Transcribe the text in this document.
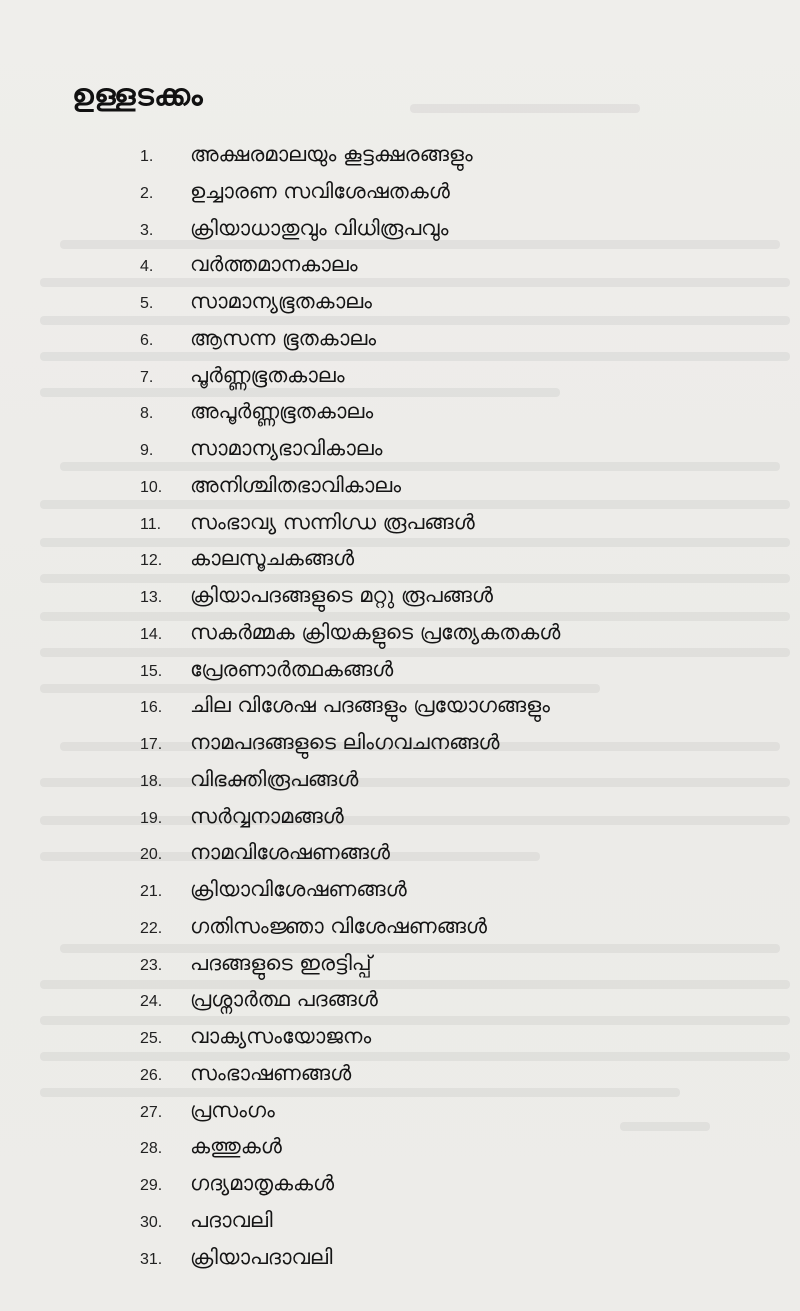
ഉള്ളടക്കം
1.	അക്ഷരമാലയും കൂട്ടക്ഷരങ്ങളും
2.	ഉച്ചാരണ സവിശേഷതകൾ
3.	ക്രിയാധാതുവും വിധിരൂപവും
4.	വർത്തമാനകാലം
5.	സാമാന്യഭൂതകാലം
6.	ആസന്ന ഭൂതകാലം
7.	പൂർണ്ണഭൂതകാലം
8.	അപൂർണ്ണഭൂതകാലം
9.	സാമാന്യഭാവികാലം
10.	അനിശ്ചിതഭാവികാലം
11.	സംഭാവ്യ സന്നിഗ്ധ രൂപങ്ങൾ
12.	കാലസൂചകങ്ങൾ
13.	ക്രിയാപദങ്ങളുടെ മറ്റു രൂപങ്ങൾ
14.	സകർമ്മക ക്രിയകളുടെ പ്രത്യേകതകൾ
15.	പ്രേരണാർത്ഥകങ്ങൾ
16.	ചില വിശേഷ പദങ്ങളും പ്രയോഗങ്ങളും
17.	നാമപദങ്ങളുടെ ലിംഗവചനങ്ങൾ
18.	വിഭക്തിരൂപങ്ങൾ
19.	സർവ്വനാമങ്ങൾ
20.	നാമവിശേഷണങ്ങൾ
21.	ക്രിയാവിശേഷണങ്ങൾ
22.	ഗതിസംജ്ഞാ വിശേഷണങ്ങൾ
23.	പദങ്ങളുടെ ഇരട്ടിപ്പ്
24.	പ്രശ്നാർത്ഥ പദങ്ങൾ
25.	വാക്യസംയോജനം
26.	സംഭാഷണങ്ങൾ
27.	പ്രസംഗം
28.	കത്തുകൾ
29.	ഗദ്യമാതൃകകൾ
30.	പദാവലി
31.	ക്രിയാപദാവലി
